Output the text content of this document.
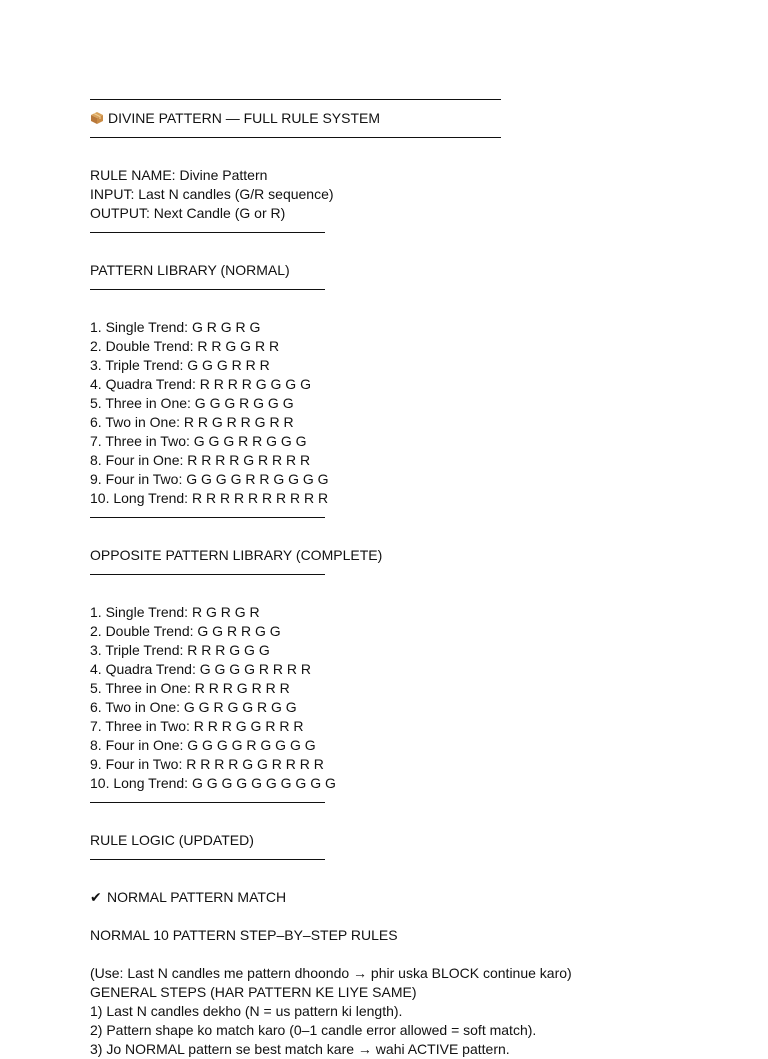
DIVINE PATTERN — FULL RULE SYSTEM
RULE NAME: Divine Pattern
INPUT: Last N candles (G/R sequence)
OUTPUT: Next Candle (G or R)
PATTERN LIBRARY (NORMAL)
1. Single Trend: G R G R G
2. Double Trend: R R G G R R
3. Triple Trend: G G G R R R
4. Quadra Trend: R R R R G G G G
5. Three in One: G G G R G G G
6. Two in One: R R G R R G R R
7. Three in Two: G G G R R G G G
8. Four in One: R R R R G R R R R
9. Four in Two: G G G G R R G G G G
10. Long Trend: R R R R R R R R R R
OPPOSITE PATTERN LIBRARY (COMPLETE)
1. Single Trend: R G R G R
2. Double Trend: G G R R G G
3. Triple Trend: R R R G G G
4. Quadra Trend: G G G G R R R R
5. Three in One: R R R G R R R
6. Two in One: G G R G G R G G
7. Three in Two: R R R G G R R R
8. Four in One: G G G G R G G G G
9. Four in Two: R R R R G G R R R R
10. Long Trend: G G G G G G G G G G
RULE LOGIC (UPDATED)
✔ NORMAL PATTERN MATCH
NORMAL 10 PATTERN STEP–BY–STEP RULES
(Use: Last N candles me pattern dhoondo → phir uska BLOCK continue karo)
GENERAL STEPS (HAR PATTERN KE LIYE SAME)
1) Last N candles dekho (N = us pattern ki length).
2) Pattern shape ko match karo (0–1 candle error allowed = soft match).
3) Jo NORMAL pattern se best match kare → wahi ACTIVE pattern.
